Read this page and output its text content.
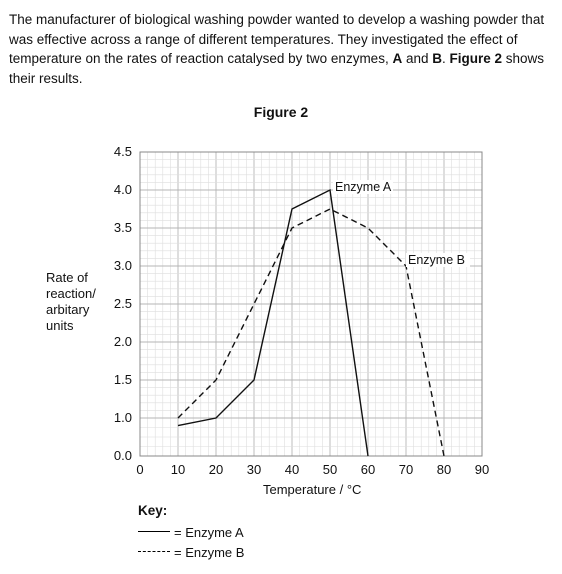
The manufacturer of biological washing powder wanted to develop a washing powder that was effective across a range of different temperatures. They investigated the effect of temperature on the rates of reaction catalysed by two enzymes, A and B. Figure 2 shows their results.
Figure 2
Rate of
reaction/
arbitary
units
0 10 20 30 40 50 60 70 80 90
0.0
1.0
1.5
2.0
2.5
3.0
3.5
4.0
4.5
Enzyme A
Enzyme B
Temperature / °C
Key:
= Enzyme A
= Enzyme B
